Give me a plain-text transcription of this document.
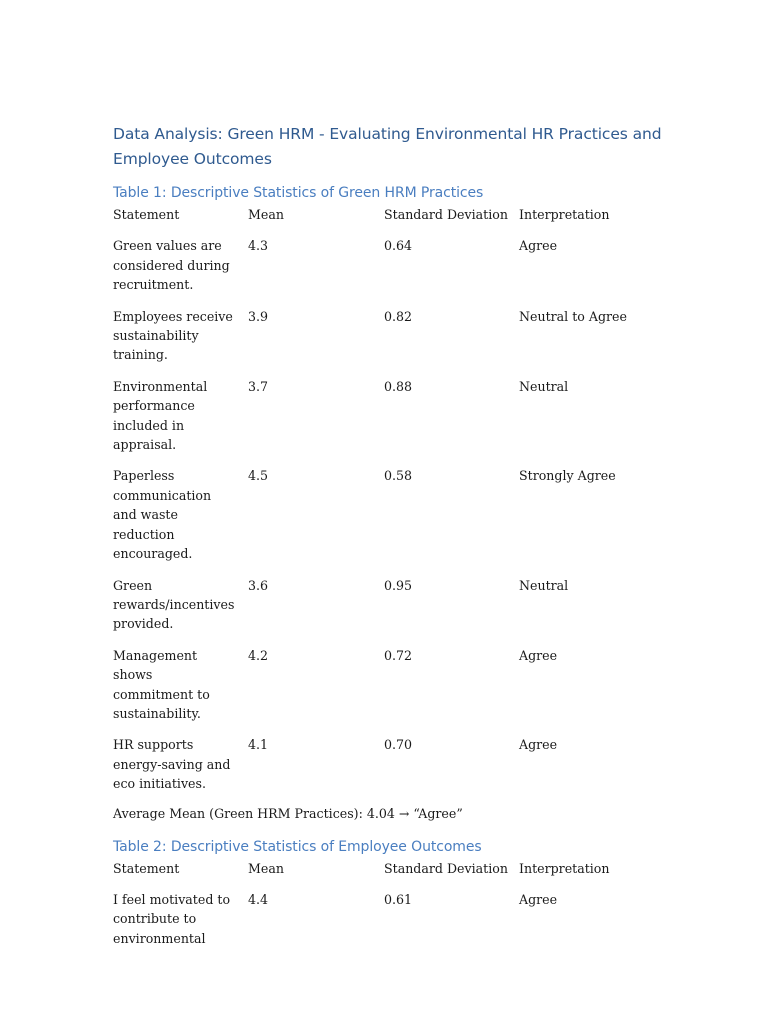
Data Analysis: Green HRM - Evaluating Environmental HR Practices and
Employee Outcomes
Table 1: Descriptive Statistics of Green HRM Practices
Statement	Mean	Standard Deviation	Interpretation

Green values are considered during recruitment.	4.3	0.64	Agree

Employees receive sustainability training.	3.9	0.82	Neutral to Agree

Environmental performance included in appraisal.	3.7	0.88	Neutral

Paperless communication and waste reduction encouraged.	4.5	0.58	Strongly Agree

Green rewards/incentives provided.	3.6	0.95	Neutral

Management shows commitment to sustainability.	4.2	0.72	Agree

HR supports energy-saving and eco initiatives.	4.1	0.70	Agree

Average Mean (Green HRM Practices): 4.04 → “Agree”

Table 2: Descriptive Statistics of Employee Outcomes
Statement	Mean	Standard Deviation	Interpretation

I feel motivated to contribute to environmental	4.4	0.61	Agree
